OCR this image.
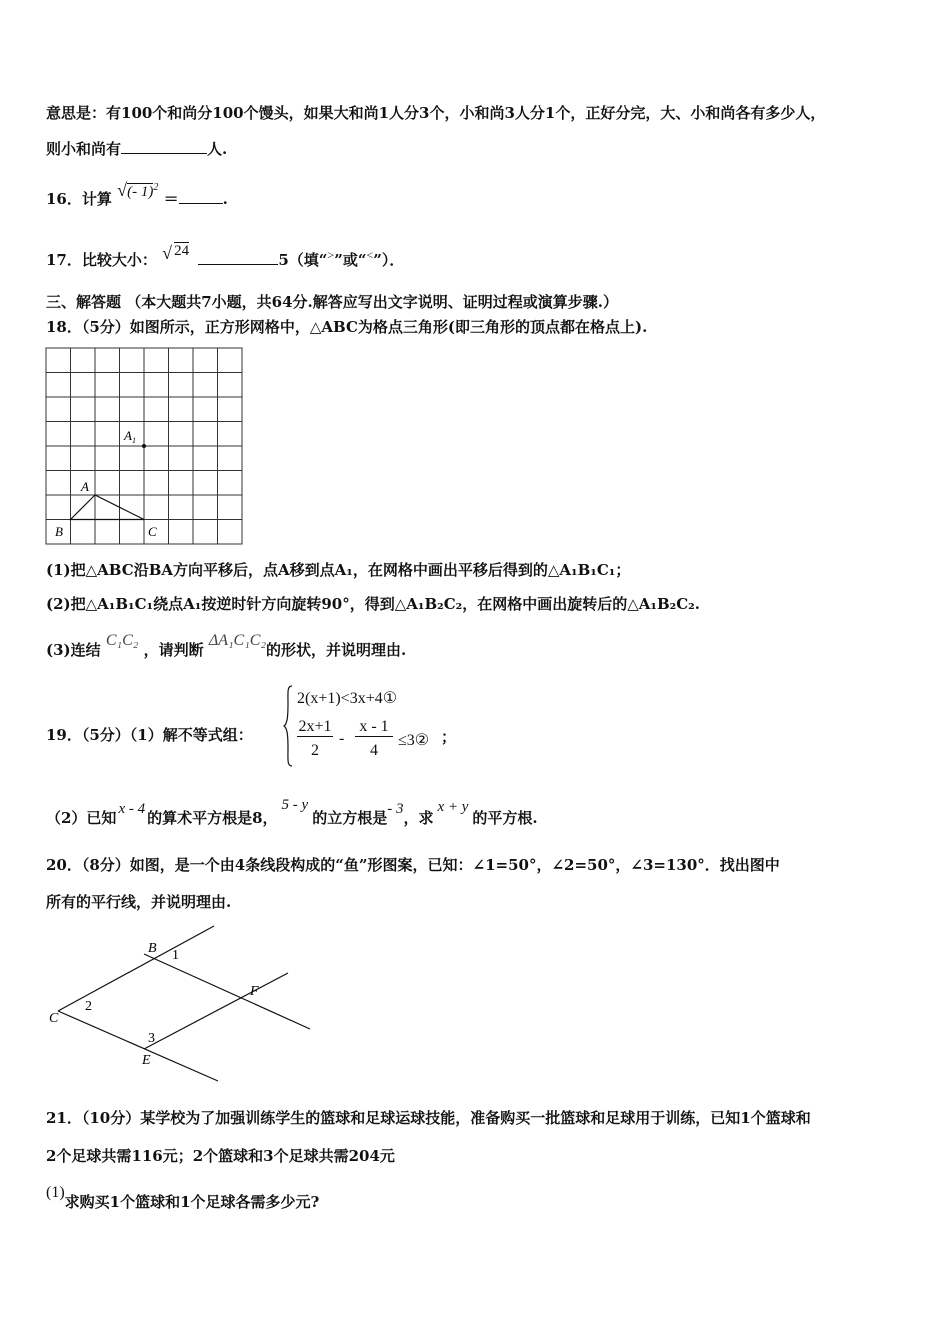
意思是：有100个和尚分100个馒头，如果大和尚1人分3个，小和尚3人分1个，正好分完，大、小和尚各有多少人，
则小和尚有	人.
16．计算 √ (- 1)$^2$ ＝	.
17．比较大小： √ 24	5（填“>”或“<”）．
三、解答题 （本大题共7小题，共64分.解答应写出文字说明、证明过程或演算步骤.）
18．（5分）如图所示，正方形网格中，△ABC为格点三角形(即三角形的顶点都在格点上).
$A_1$
A
B	C
(1)把△ABC沿BA方向平移后，点A移到点A₁，在网格中画出平移后得到的△A₁B₁C₁；
(2)把△A₁B₁C₁绕点A₁按逆时针方向旋转90°，得到△A₁B₂C₂，在网格中画出旋转后的△A₁B₂C₂.
(3)连结 C₁C₂ ，请判断 ΔA₁C₁C₂的形状，并说明理由.
19．（5分）（1）解不等式组：
2(x+1)<3x+4①
2x+1
2
-
x - 1
4
≤3② ；
（2）已知 x - 4 的算术平方根是8，5 - y的立方根是- 3，求x + y的平方根.
20．（8分）如图，是一个由4条线段构成的“鱼”形图案，已知：∠1=50°，∠2=50°，∠3=130°．找出图中
所有的平行线，并说明理由.
B 1
F
C
2
3
E
21．（10分）某学校为了加强训练学生的篮球和足球运球技能，准备购买一批篮球和足球用于训练，已知1个篮球和
2个足球共需116元；2个篮球和3个足球共需204元
(1)求购买1个篮球和1个足球各需多少元?
